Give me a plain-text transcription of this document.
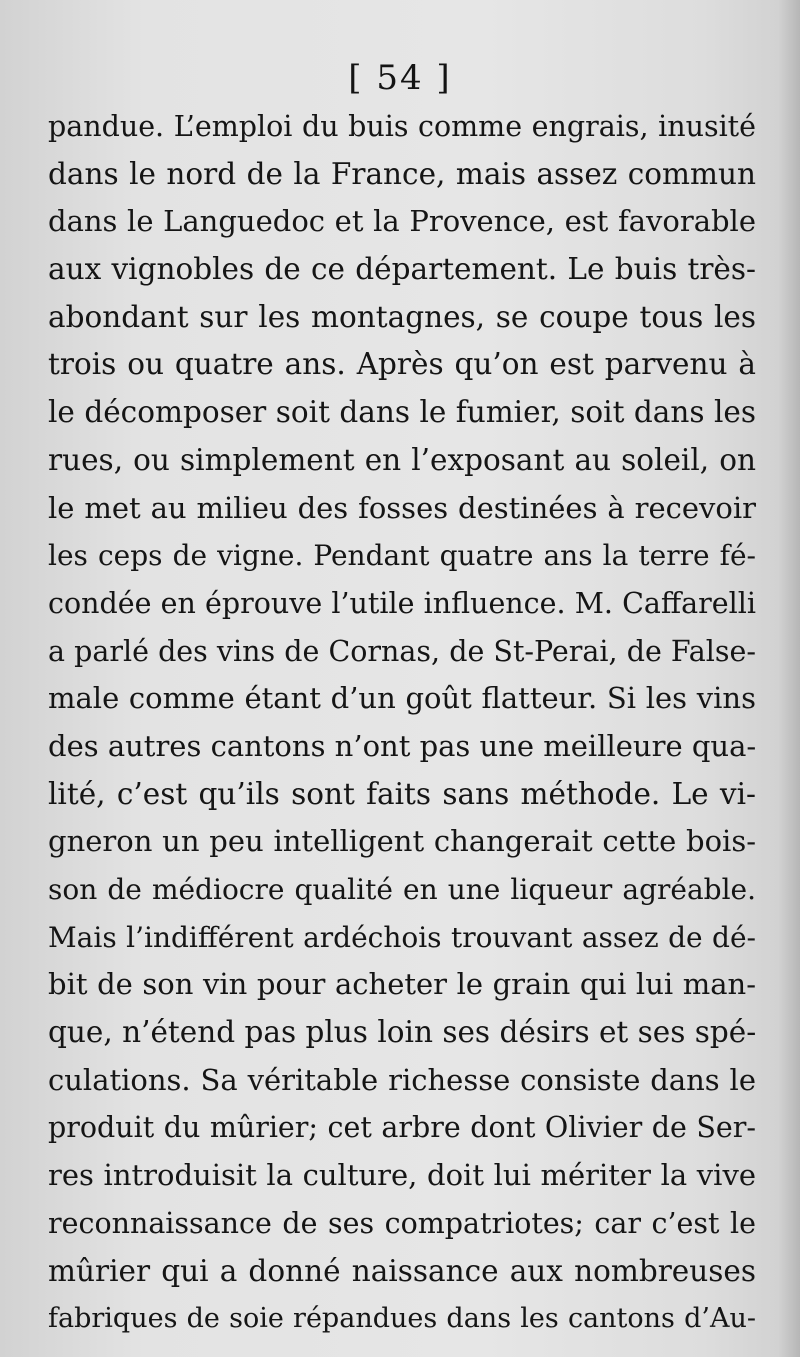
[ 54 ]
pandue. L’emploi du buis comme engrais, inusité
dans le nord de la France, mais assez commun
dans le Languedoc et la Provence, est favorable
aux vignobles de ce département. Le buis très-
abondant sur les montagnes, se coupe tous les
trois ou quatre ans. Après qu’on est parvenu à
le décomposer soit dans le fumier, soit dans les
rues, ou simplement en l’exposant au soleil, on
le met au milieu des fosses destinées à recevoir
les ceps de vigne. Pendant quatre ans la terre fé-
condée en éprouve l’utile influence. M. Caffarelli
a parlé des vins de Cornas, de St-Perai, de False-
male comme étant d’un goût flatteur. Si les vins
des autres cantons n’ont pas une meilleure qua-
lité, c’est qu’ils sont faits sans méthode. Le vi-
gneron un peu intelligent changerait cette bois-
son de médiocre qualité en une liqueur agréable.
Mais l’indifférent ardéchois trouvant assez de dé-
bit de son vin pour acheter le grain qui lui man-
que, n’étend pas plus loin ses désirs et ses spé-
culations. Sa véritable richesse consiste dans le
produit du mûrier; cet arbre dont Olivier de Ser-
res introduisit la culture, doit lui mériter la vive
reconnaissance de ses compatriotes; car c’est le
mûrier qui a donné naissance aux nombreuses
fabriques de soie répandues dans les cantons d’Au-
